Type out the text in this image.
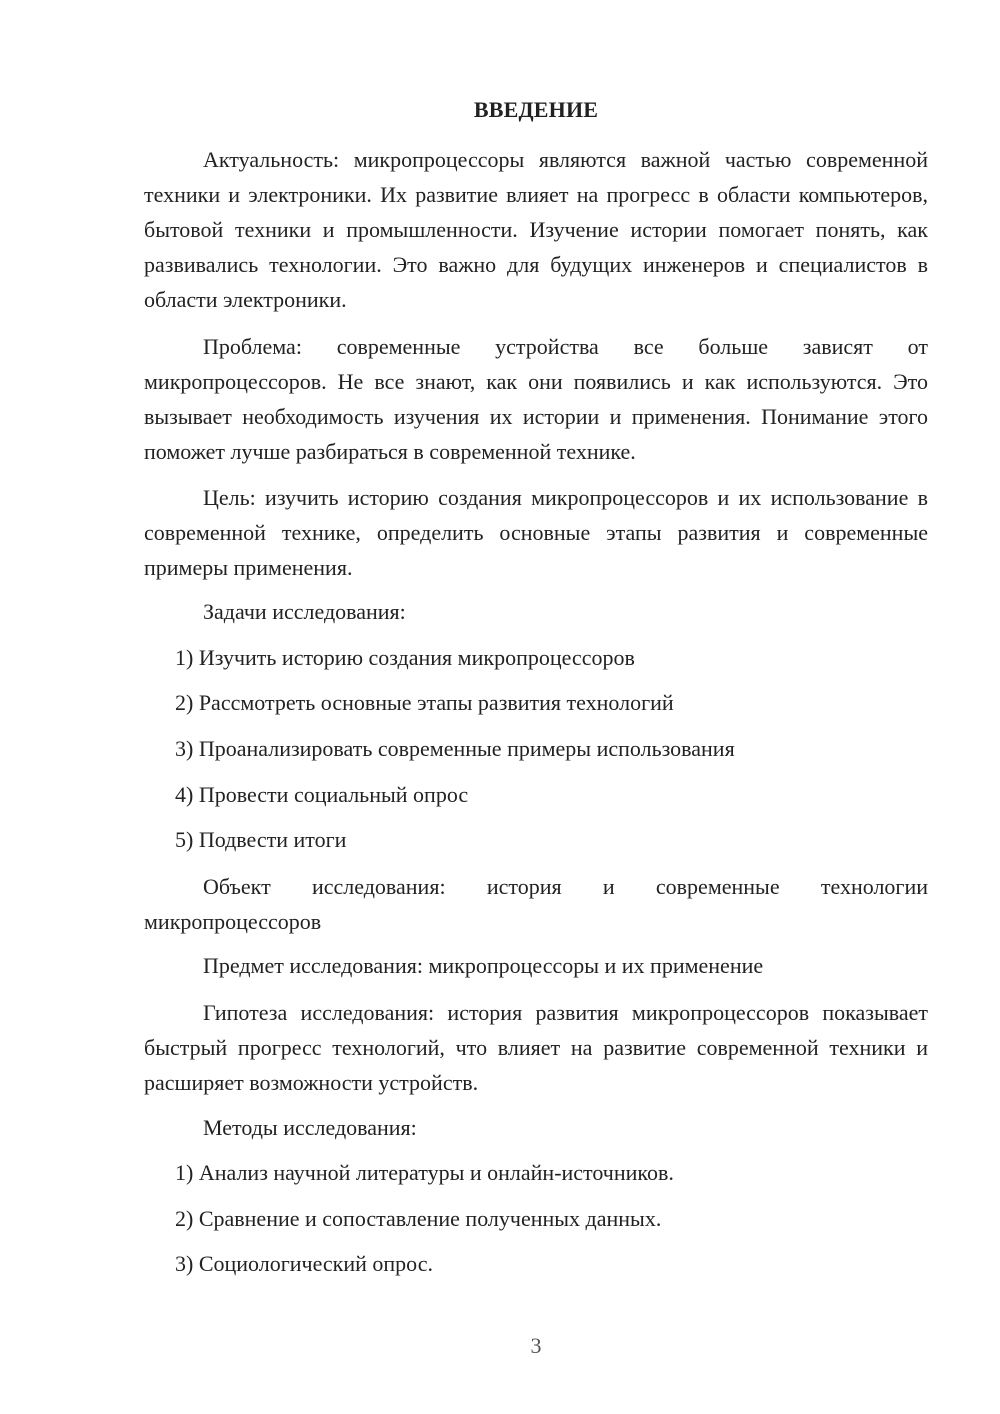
ВВЕДЕНИЕ

Актуальность: микропроцессоры являются важной частью современной техники и электроники. Их развитие влияет на прогресс в области компьютеров, бытовой техники и промышленности. Изучение истории помогает понять, как развивались технологии. Это важно для будущих инженеров и специалистов в области электроники.

Проблема: современные устройства все больше зависят от микропроцессоров. Не все знают, как они появились и как используются. Это вызывает необходимость изучения их истории и применения. Понимание этого поможет лучше разбираться в современной технике.

Цель: изучить историю создания микропроцессоров и их использование в современной технике, определить основные этапы развития и современные примеры применения.

Задачи исследования:

1) Изучить историю создания микропроцессоров

2) Рассмотреть основные этапы развития технологий

3) Проанализировать современные примеры использования

4) Провести социальный опрос

5) Подвести итоги

Объект исследования: история и современные технологии микропроцессоров

Предмет исследования: микропроцессоры и их применение

Гипотеза исследования: история развития микропроцессоров показывает быстрый прогресс технологий, что влияет на развитие современной техники и расширяет возможности устройств.

Методы исследования:

1) Анализ научной литературы и онлайн-источников.

2) Сравнение и сопоставление полученных данных.

3) Социологический опрос.

3
